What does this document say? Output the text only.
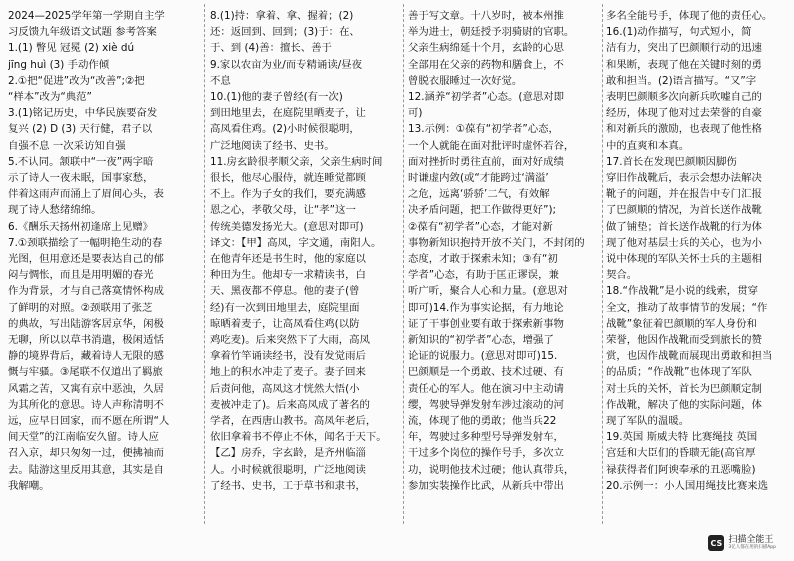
2024—2025学年第一学期自主学
习反馈九年级语文试题 参考答案
1.(1) 瞥见 冠冕 (2) xiè dú
jīng huì (3) 手动作倾
2.①把“促进”改为“改善”;②把
“样本”改为“典范”
3.(1)铭记历史，中华民族要奋发
复兴 (2) D (3) 天行健，君子以
自强不息 一次采访知自强
5.不认同。颔联中“一夜”两字暗
示了诗人一夜未眠，国事家愁，
伴着这雨声而涌上了眉间心头，表
现了诗人愁绪绵绵。
6.《酬乐天扬州初逢席上见赠》
7.①颈联描绘了一幅明艳生动的春
光图，但用意还是要表达自己的郁
闷与惆怅，而且是用明媚的春光
作为背景，才与自己落寞情怀构成
了鲜明的对照。②颈联用了张芝
的典故，写出陆游客居京华，闲极
无聊，所以以草书消遣，极闲适恬
静的境界背后，藏着诗人无限的感
慨与牢骚。③尾联不仅道出了羁旅
风霜之苦，又寓有京中恶浊，久居
为其所化的意思。诗人声称清明不
远，应早日回家，而不愿在所谓“人
间天堂”的江南临安久留。诗人应
召入京，却只匆匆一过，便拂袖而
去。陆游这里反用其意，其实是自
我解嘲。
8.(1)持：拿着、拿、握着；(2)
还：返回到、回到；(3)于：在、
于、到 (4)善：擅长、善于
9.家以农亩为业/而专精诵读/昼夜
不息
10.(1)他的妻子曾经(有一次)
到田地里去，在庭院里晒麦子，让
高凤看住鸡。(2)小时候很聪明，
广泛地阅读了经书、史书。
11.房玄龄很孝顺父亲，父亲生病时间
很长，他尽心服侍，就连睡觉都顾
不上。作为子女的我们，要充满感
恩之心，孝敬父母，让“孝”这一
传统美德发扬光大。(意思对即可)
译文：【甲】高凤，字文通，南阳人。
在他青年还是书生时，他的家庭以
种田为生。他却专一求精读书，白
天、黑夜都不停息。他的妻子(曾
经)有一次到田地里去，庭院里面
晾晒着麦子，让高凤看住鸡(以防
鸡吃麦)。后来突然下了大雨，高凤
拿着竹竿诵读经书，没有发觉雨后
地上的积水冲走了麦子。妻子回来
后责问他，高凤这才恍然大悟(小
麦被冲走了)。后来高凤成了著名的
学者，在西唐山教书。高凤年老后，
依旧拿着书不停止不休，闻名于天下。
【乙】房乔，字玄龄，是齐州临淄
人。小时候就很聪明，广泛地阅读
了经书、史书，工于草书和隶书，
善于写文章。十八岁时，被本州推
举为进士，朝廷授予羽骑尉的官职。
父亲生病绵延十个月，玄龄的心思
全部用在父亲的药物和膳食上，不
曾脱衣服睡过一次好觉。
12.涵养“初学者”心态。(意思对即
可)
13.示例：①葆有“初学者”心态，
一个人就能在面对批评时虚怀若谷，
面对挫折时勇往直前，面对好成绩
时谦虚内敛(或“才能跨过‘满溢’
之危，远离‘骄骄’二气，有效解
决矛盾问题，把工作做得更好”);
②葆有“初学者”心态，才能对新
事物新知识抱持开放不关门，不封闭的
态度，才敢于探索未知；③有“初
学者”心态，有助于匡正谬误，兼
听广听，聚合人心和力量。(意思对
即可)14.作为事实论据，有力地论
证了干事创业要有敢于探索新事物
新知识的“初学者”心态，增强了
论证的说服力。(意思对即可)15.
巴颜顺是一个勇敢、技术过硬、有
责任心的军人。他在演习中主动请
缨，驾驶导弹发射车涉过滚动的河
流，体现了他的勇敢；他当兵22
年，驾驶过多种型号导弹发射车，
干过多个岗位的操作号手，多次立
功，说明他技术过硬；他认真带兵，
参加实装操作比武，从新兵中带出
多名全能号手，体现了他的责任心。
16.(1)动作描写，句式短小，简
洁有力，突出了巴颜顺行动的迅速
和果断，表现了他在关键时刻的勇
敢和担当。(2)语言描写。“又”字
表明巴颜顺多次向新兵吹嘘自己的
经历，体现了他对过去荣誉的自豪
和对新兵的激励，也表现了他性格
中的直爽和本真。
17.首长在发现巴颜顺因脚伤
穿旧作战靴后，表示会想办法解决
靴子的问题，并在报告中专门汇报
了巴颜顺的情况，为首长送作战靴
做了铺垫；首长送作战靴的行为体
现了他对基层士兵的关心，也为小
说中体现的军队关怀士兵的主题相
契合。
18.“作战靴”是小说的线索，贯穿
全文，推动了故事情节的发展；“作
战靴”象征着巴颜顺的军人身份和
荣誉，他因作战靴而受到旅长的赞
赏，也因作战靴而展现出勇敢和担当
的品质；“作战靴”也体现了军队
对士兵的关怀，首长为巴颜顺定制
作战靴，解决了他的实际问题，体
现了军队的温暖。
19.英国 斯威夫特 比赛绳技 英国
宫廷和大臣们的昏聩无能(高官厚
禄获得者们阿谀奉承的丑恶嘴脸)
20.示例一：小人国用绳技比赛来选
CS 扫描全能王
3亿人都在用的扫描App
